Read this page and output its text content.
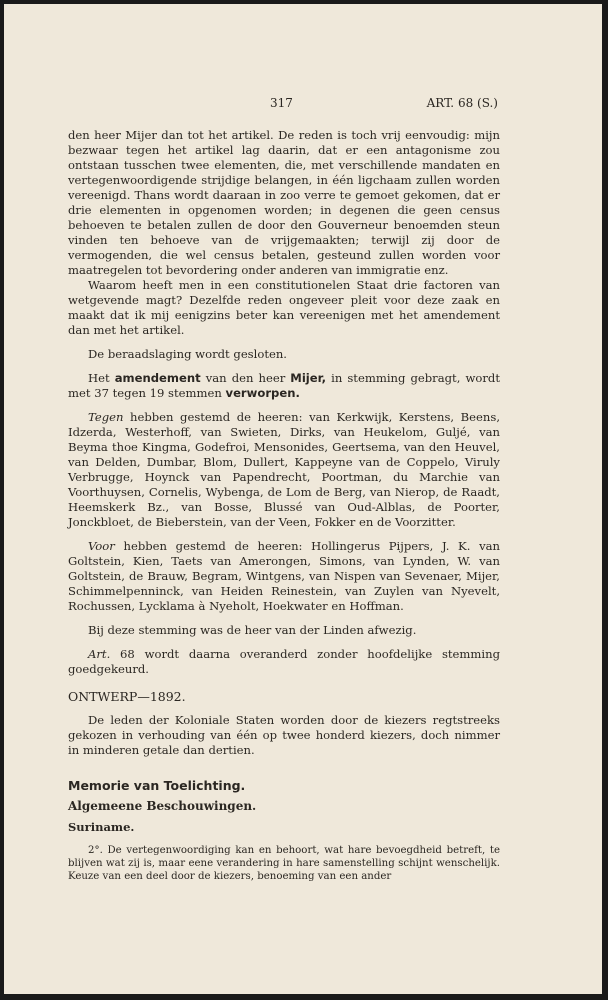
317	ART. 68 (S.)

den heer Mijer dan tot het artikel. De reden is toch vrij eenvoudig: mijn bezwaar tegen het artikel lag daarin, dat er een antagonisme zou ontstaan tusschen twee elementen, die, met verschillende mandaten en vertegenwoordigende strijdige belangen, in één ligchaam zullen worden vereenigd. Thans wordt daaraan in zoo verre te gemoet gekomen, dat er drie elementen in opgenomen worden; in degenen die geen census behoeven te betalen zullen de door den Gouverneur benoemden steun vinden ten behoeve van de vrijgemaakten; terwijl zij door de vermogenden, die wel census betalen, gesteund zullen worden voor maatregelen tot bevordering onder anderen van immigratie enz.

Waarom heeft men in een constitutionelen Staat drie factoren van wetgevende magt? Dezelfde reden ongeveer pleit voor deze zaak en maakt dat ik mij eenigzins beter kan vereenigen met het amendement dan met het artikel.

De beraadslaging wordt gesloten.

Het amendement van den heer Mijer, in stemming gebragt, wordt met 37 tegen 19 stemmen verworpen.

Tegen hebben gestemd de heeren: van Kerkwijk, Kerstens, Beens, Idzerda, Westerhoff, van Swieten, Dirks, van Heukelom, Guljé, van Beyma thoe Kingma, Godefroi, Mensonides, Geertsema, van den Heuvel, van Delden, Dumbar, Blom, Dullert, Kappeyne van de Coppelo, Viruly Verbrugge, Hoynck van Papendrecht, Poortman, du Marchie van Voorthuysen, Cornelis, Wybenga, de Lom de Berg, van Nierop, de Raadt, Heemskerk Bz., van Bosse, Blussé van Oud-Alblas, de Poorter, Jonckbloet, de Bieberstein, van der Veen, Fokker en de Voorzitter.

Voor hebben gestemd de heeren: Hollingerus Pijpers, J. K. van Goltstein, Kien, Taets van Amerongen, Simons, van Lynden, W. van Goltstein, de Brauw, Begram, Wintgens, van Nispen van Sevenaer, Mijer, Schimmelpenninck, van Heiden Reinestein, van Zuylen van Nyevelt, Rochussen, Lycklama à Nyeholt, Hoekwater en Hoffman.

Bij deze stemming was de heer van der Linden afwezig.

Art. 68 wordt daarna overanderd zonder hoofdelijke stemming goedgekeurd.

ONTWERP—1892.

De leden der Koloniale Staten worden door de kiezers regtstreeks gekozen in verhouding van één op twee honderd kiezers, doch nimmer in minderen getale dan dertien.

Memorie van Toelichting.

Algemeene Beschouwingen.

Suriname.

2°. De vertegenwoordiging kan en behoort, wat hare bevoegdheid betreft, te blijven wat zij is, maar eene verandering in hare samenstelling schijnt wenschelijk. Keuze van een deel door de kiezers, benoeming van een ander
